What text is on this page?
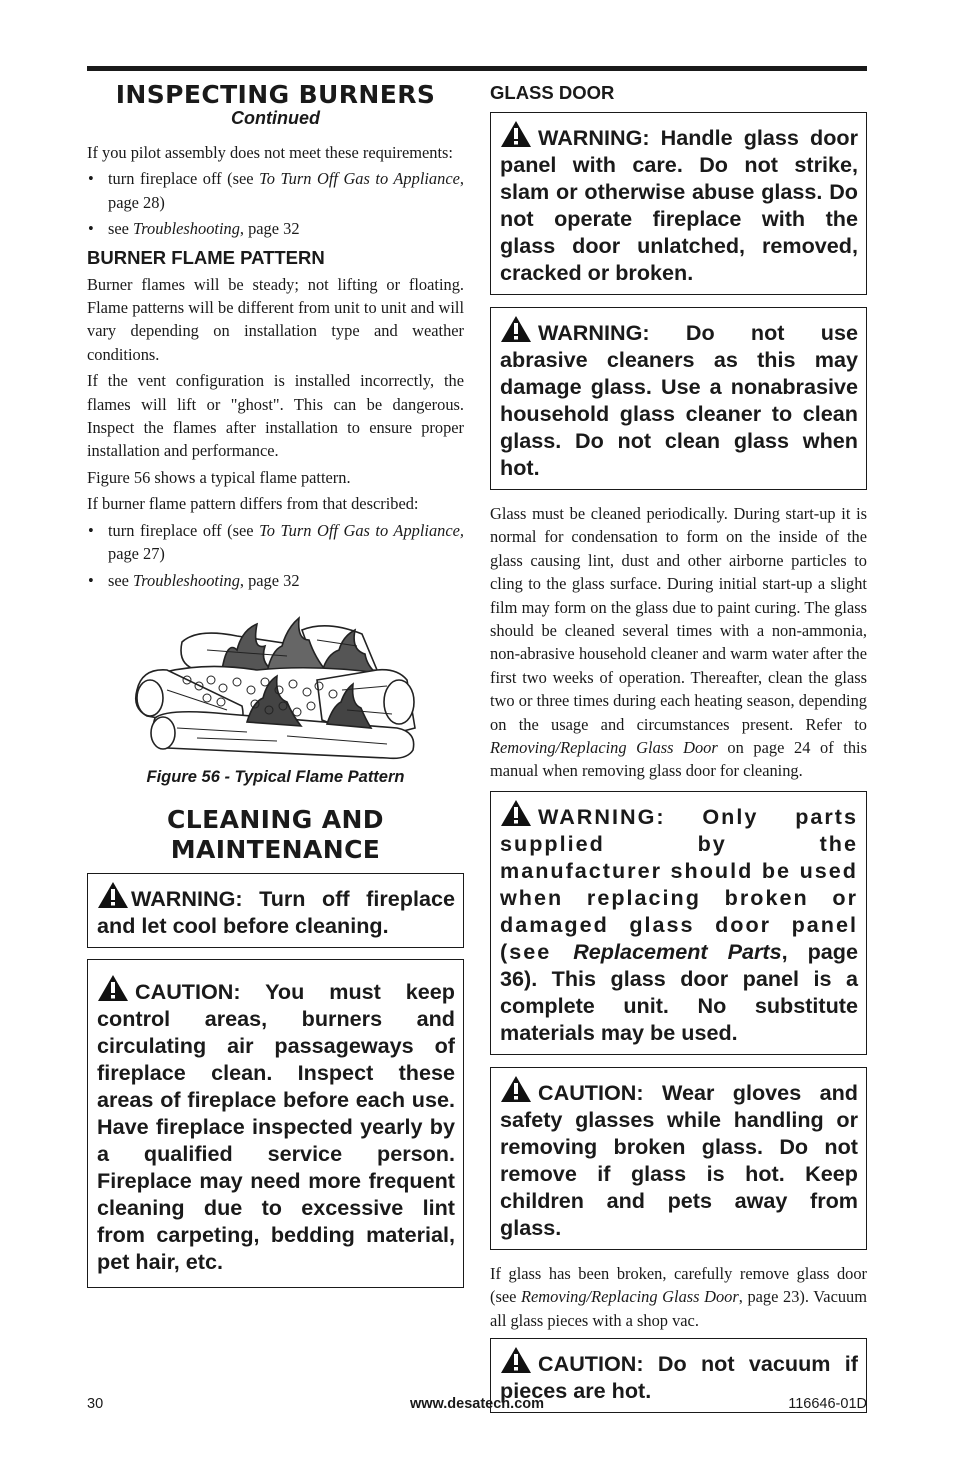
INSPECTING BURNERS
Continued

If you pilot assembly does not meet these requirements:

• turn fireplace off (see To Turn Off Gas to Appliance, page 28)
• see Troubleshooting, page 32
BURNER FLAME PATTERN

Burner flames will be steady; not lifting or floating. Flame patterns will be different from unit to unit and will vary depending on installation type and weather conditions.

If the vent configuration is installed incorrectly, the flames will lift or "ghost". This can be dangerous. Inspect the flames after installation to ensure proper installation and performance.

Figure 56 shows a typical flame pattern.

If burner flame pattern differs from that described:

• turn fireplace off (see To Turn Off Gas to Appliance, page 27)
• see Troubleshooting, page 32
Figure 56 - Typical Flame Pattern
CLEANING AND
MAINTENANCE
WARNING: Turn off fireplace and let cool before cleaning.
CAUTION: You must keep control areas, burners and circulating air passageways of fireplace clean. Inspect these areas of fireplace before each use. Have fireplace inspected yearly by a qualified service person. Fireplace may need more frequent cleaning due to excessive lint from carpeting, bedding material, pet hair, etc.
GLASS DOOR
WARNING: Handle glass door panel with care. Do not strike, slam or otherwise abuse glass. Do not operate fireplace with the glass door unlatched, removed, cracked or broken.
WARNING: Do not use abrasive cleaners as this may damage glass. Use a nonabrasive household glass cleaner to clean glass. Do not clean glass when hot.

Glass must be cleaned periodically. During start-up it is normal for condensation to form on the inside of the glass causing lint, dust and other airborne particles to cling to the glass surface. During initial start-up a slight film may form on the glass due to paint curing. The glass should be cleaned several times with a non-ammonia, non-abrasive household cleaner and warm water after the first two weeks of operation. Thereafter, clean the glass two or three times during each heating season, depending on the usage and circumstances present. Refer to Removing/Replacing Glass Door on page 24 of this manual when removing glass door for cleaning.

WARNING: Only parts supplied by the manufacturer should be used when replacing broken or damaged glass door panel (see Replacement Parts, page 36). This glass door panel is a complete unit. No substitute materials may be used.
CAUTION: Wear gloves and safety glasses while handling or removing broken glass. Do not remove if glass is hot. Keep children and pets away from glass.

If glass has been broken, carefully remove glass door (see Removing/Replacing Glass Door, page 23). Vacuum all glass pieces with a shop vac.

CAUTION: Do not vacuum if pieces are hot.
30	www.desatech.com	116646-01D
